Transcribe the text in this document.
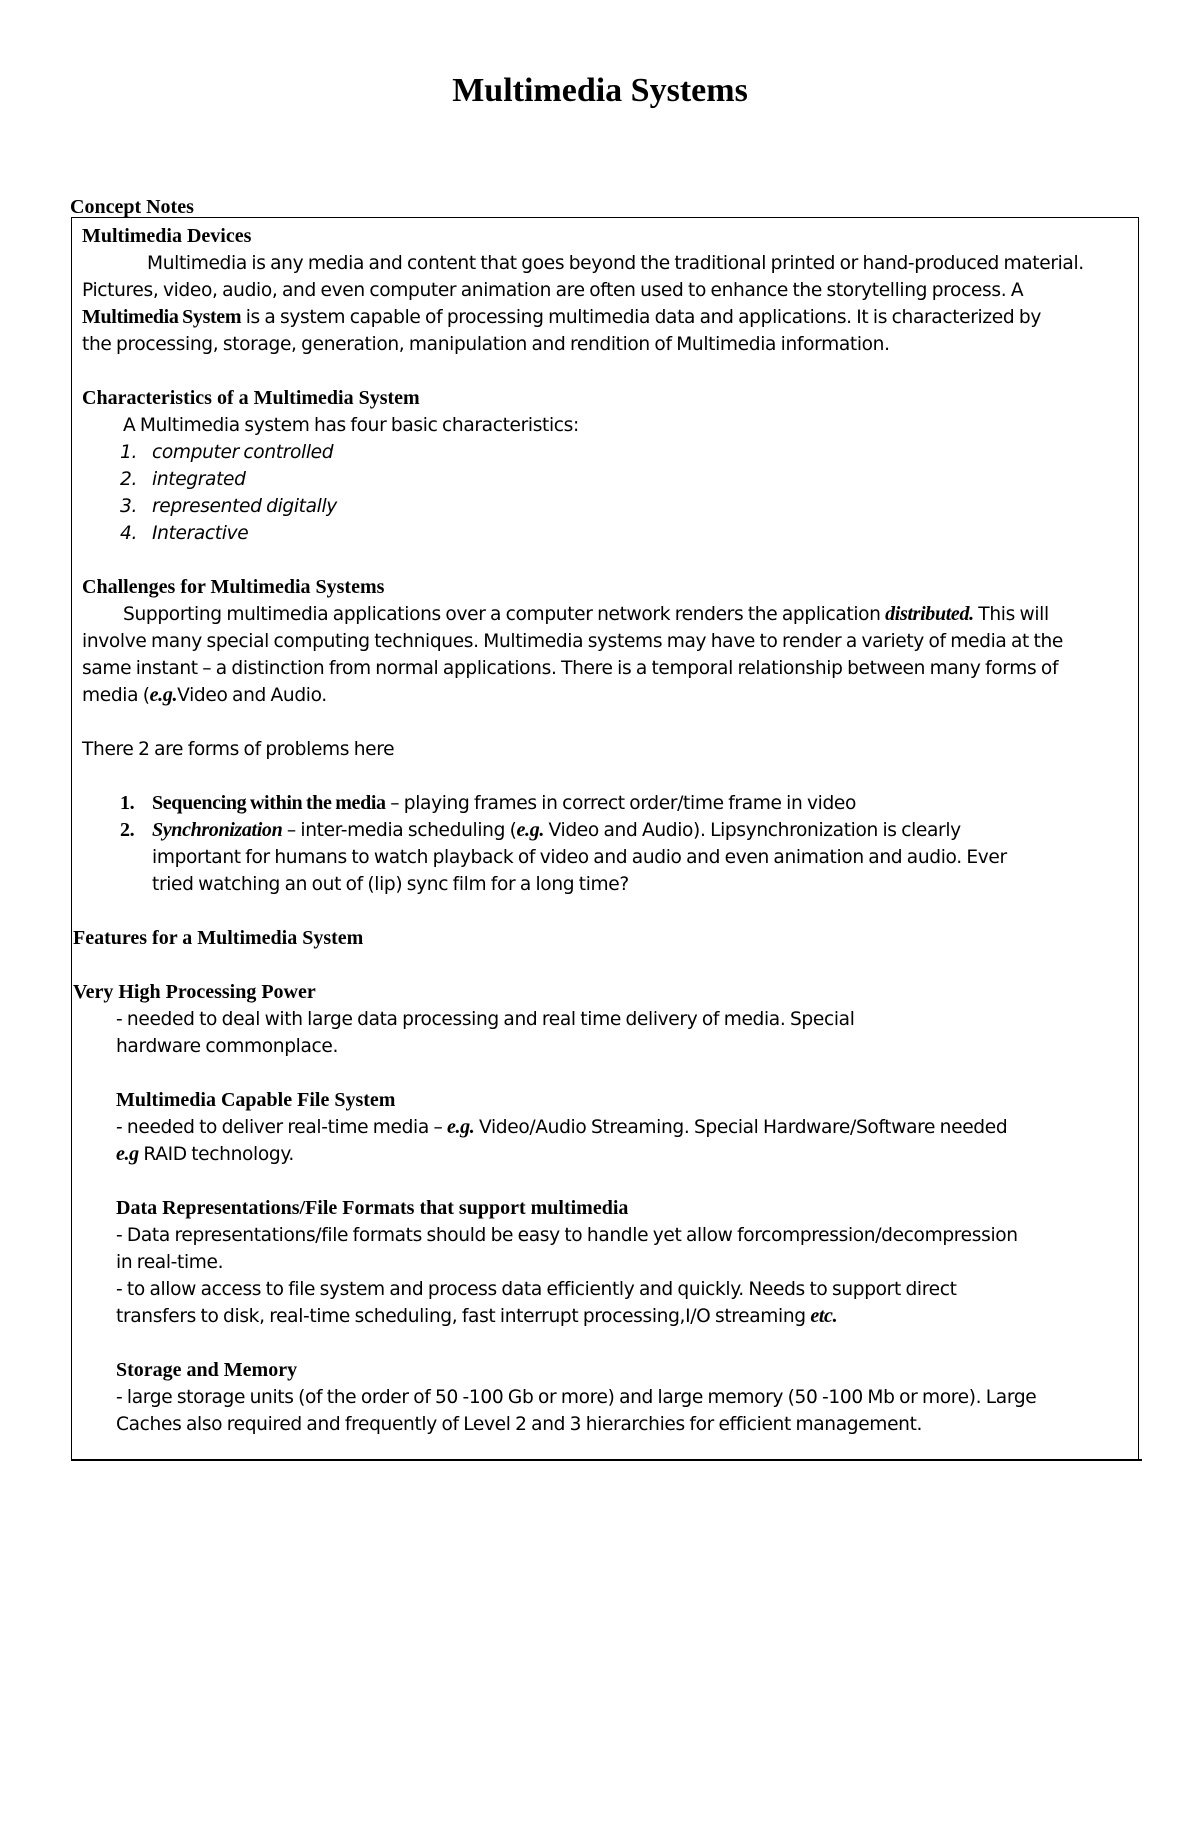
Multimedia Systems
Concept Notes
Multimedia Devices
Multimedia is any media and content that goes beyond the traditional printed or hand-produced material.
Pictures, video, audio, and even computer animation are often used to enhance the storytelling process. A
Multimedia System is a system capable of processing multimedia data and applications. It is characterized by
the processing, storage, generation, manipulation and rendition of Multimedia information.
Characteristics of a Multimedia System
A Multimedia system has four basic characteristics:
1. computer controlled
2. integrated
3. represented digitally
4. Interactive
Challenges for Multimedia Systems
Supporting multimedia applications over a computer network renders the application distributed. This will
involve many special computing techniques. Multimedia systems may have to render a variety of media at the
same instant – a distinction from normal applications. There is a temporal relationship between many forms of
media (e.g.Video and Audio.
There 2 are forms of problems here
1. Sequencing within the media – playing frames in correct order/time frame in video
2. Synchronization – inter-media scheduling (e.g. Video and Audio). Lipsynchronization is clearly
important for humans to watch playback of video and audio and even animation and audio. Ever
tried watching an out of (lip) sync film for a long time?
Features for a Multimedia System
Very High Processing Power
- needed to deal with large data processing and real time delivery of media. Special
hardware commonplace.
Multimedia Capable File System
- needed to deliver real-time media – e.g. Video/Audio Streaming. Special Hardware/Software needed
e.g RAID technology.
Data Representations/File Formats that support multimedia
- Data representations/file formats should be easy to handle yet allow forcompression/decompression
in real-time.
- to allow access to file system and process data efficiently and quickly. Needs to support direct
transfers to disk, real-time scheduling, fast interrupt processing,I/O streaming etc.
Storage and Memory
- large storage units (of the order of 50 -100 Gb or more) and large memory (50 -100 Mb or more). Large
Caches also required and frequently of Level 2 and 3 hierarchies for efficient management.
